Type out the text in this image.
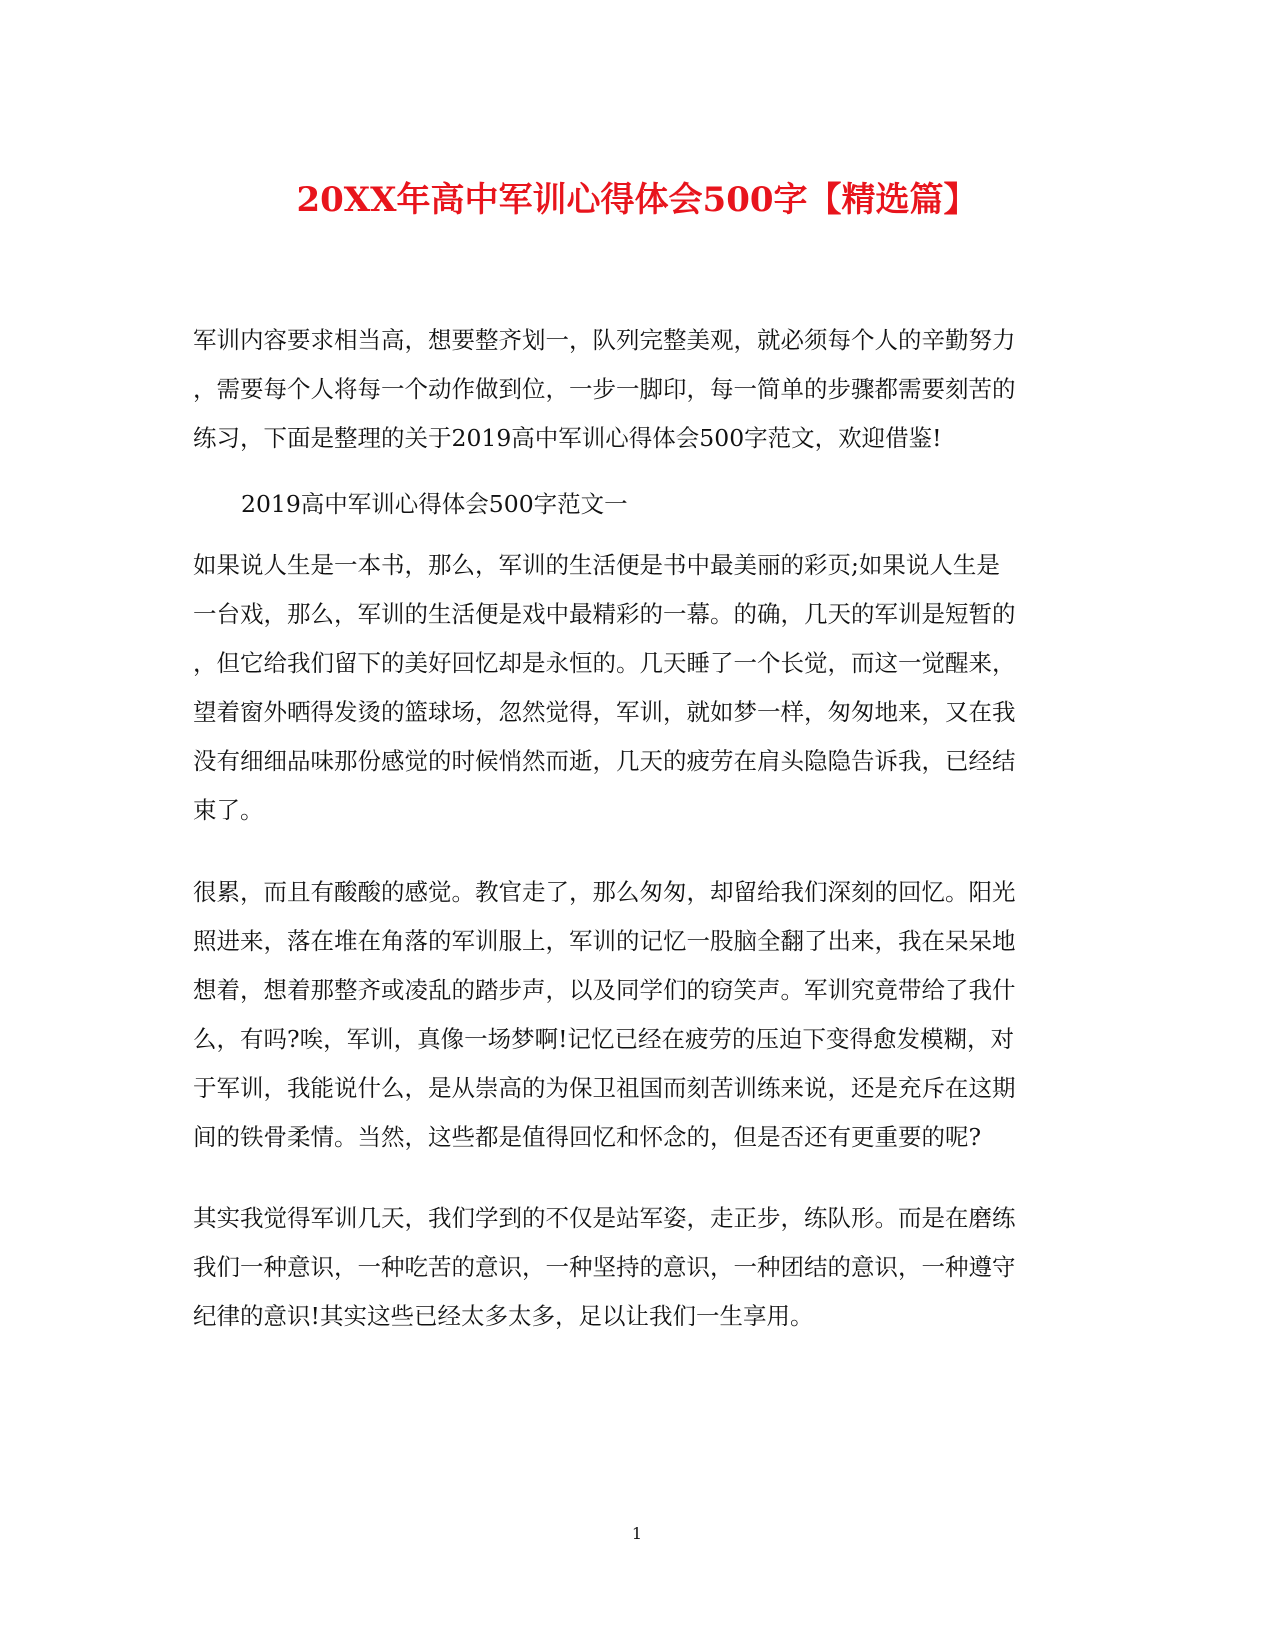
20XX年高中军训心得体会500字【精选篇】
军训内容要求相当高，想要整齐划一，队列完整美观，就必须每个人的辛勤努力
，需要每个人将每一个动作做到位，一步一脚印，每一简单的步骤都需要刻苦的
练习，下面是整理的关于2019高中军训心得体会500字范文，欢迎借鉴!
2019高中军训心得体会500字范文一
如果说人生是一本书，那么，军训的生活便是书中最美丽的彩页;如果说人生是
一台戏，那么，军训的生活便是戏中最精彩的一幕。的确，几天的军训是短暂的
，但它给我们留下的美好回忆却是永恒的。几天睡了一个长觉，而这一觉醒来，
望着窗外晒得发烫的篮球场，忽然觉得，军训，就如梦一样，匆匆地来，又在我
没有细细品味那份感觉的时候悄然而逝，几天的疲劳在肩头隐隐告诉我，已经结
束了。
很累，而且有酸酸的感觉。教官走了，那么匆匆，却留给我们深刻的回忆。阳光
照进来，落在堆在角落的军训服上，军训的记忆一股脑全翻了出来，我在呆呆地
想着，想着那整齐或凌乱的踏步声，以及同学们的窃笑声。军训究竟带给了我什
么，有吗?唉，军训，真像一场梦啊!记忆已经在疲劳的压迫下变得愈发模糊，对
于军训，我能说什么，是从崇高的为保卫祖国而刻苦训练来说，还是充斥在这期
间的铁骨柔情。当然，这些都是值得回忆和怀念的，但是否还有更重要的呢?
其实我觉得军训几天，我们学到的不仅是站军姿，走正步，练队形。而是在磨练
我们一种意识，一种吃苦的意识，一种坚持的意识，一种团结的意识，一种遵守
纪律的意识!其实这些已经太多太多，足以让我们一生享用。
1
